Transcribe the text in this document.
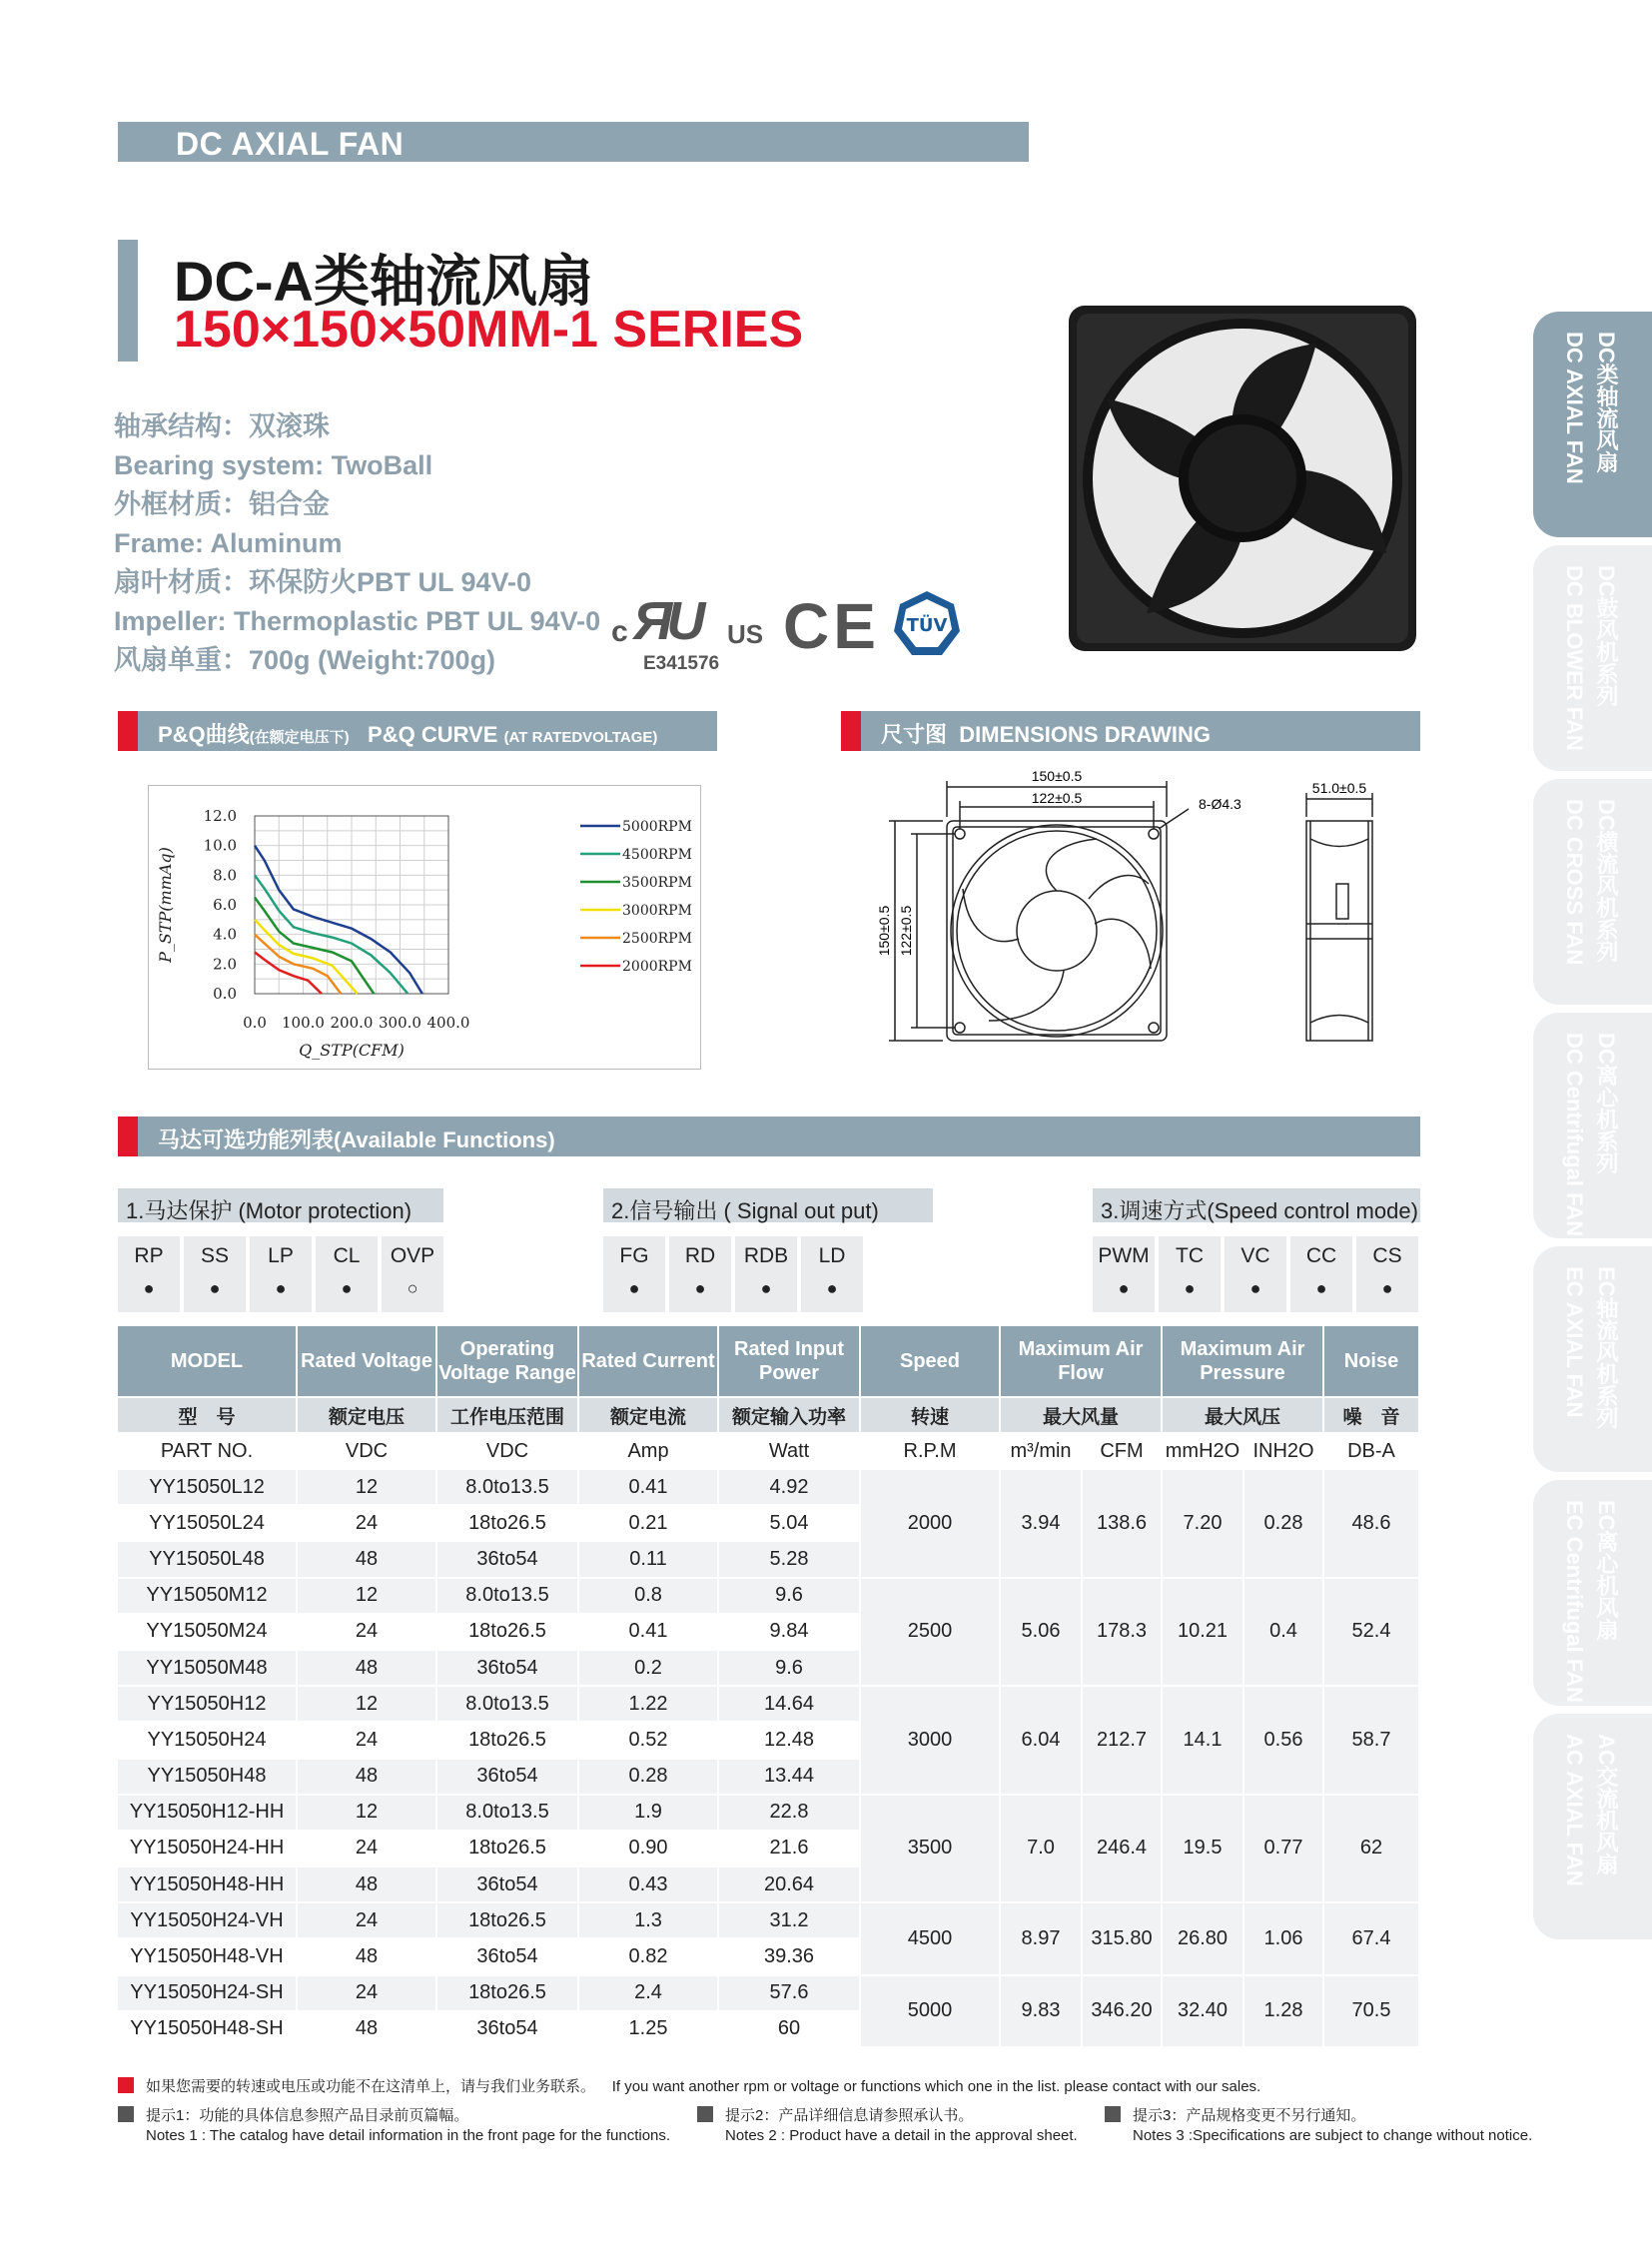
DC AXIAL FAN
DC-A类轴流风扇
150×150×50MM-1 SERIES
轴承结构：双滚珠
Bearing system: TwoBall
外框材质：铝合金
Frame: Aluminum
扇叶材质：环保防火PBT UL 94V-0
Impeller: Thermoplastic PBT UL 94V-0
风扇单重：700g (Weight:700g)
c ЯU	US
E341576
CE TÜV
DC类轴流风扇
DC AXIAL FAN
DC鼓风机系列
DC BLOWER FAN
DC横流风机系列
DC CROSS FAN
DC离心机系列
DC Centrifugal FAN
EC轴流风机系列
EC AXIAL FAN
EC离心机风扇
EC Centrifugal FAN
AC交流机风扇
AC AXIAL FAN
P&Q曲线(在额定电压下) P&Q CURVE (AT RATEDVOLTAGE)	尺寸图 DIMENSIONS DRAWING
0.0
2.0
4.0
6.0
8.0
10.0
12.0
0.0 100.0 200.0 300.0 400.0
Q_STP(CFM)
P_STP(mmAq)
5000RPM
4500RPM
3500RPM
3000RPM
2500RPM
2000RPM
150±0.5
122±0.5	8-Ø4.3
51.0±0.5
150±0.5 122±0.5
马达可选功能列表(Available Functions)
1.马达保护 (Motor protection)
RP
●
SS
●
LP
●
CL
●
OVP
○
2.信号输出 ( Signal out put)
FG
●
RD
●
RDB
●
LD
●
3.调速方式(Speed control mode)
PWM
●
TC
●
VC
●
CC
●
CS
●
MODEL	Rated Voltage	Operating Voltage Range	Rated Current	Rated Input Power	Speed	Maximum Air Flow		Maximum Air Pressure		Noise
型　号	额定电压	工作电压范围	额定电流	额定输入功率	转速	最大风量		最大风压		噪　音
PART NO.	VDC	VDC	Amp	Watt	R.P.M	m³/min	CFM	mmH2O	INH2O	DB-A
YY15050L12	12	8.0to13.5	0.41	4.92	2000	3.94	138.6	7.20	0.28	48.6
YY15050L24	24	18to26.5	0.21	5.04						
YY15050L48	48	36to54	0.11	5.28						
YY15050M12	12	8.0to13.5	0.8	9.6	2500	5.06	178.3	10.21	0.4	52.4
YY15050M24	24	18to26.5	0.41	9.84						
YY15050M48	48	36to54	0.2	9.6						
YY15050H12	12	8.0to13.5	1.22	14.64	3000	6.04	212.7	14.1	0.56	58.7
YY15050H24	24	18to26.5	0.52	12.48						
YY15050H48	48	36to54	0.28	13.44						
YY15050H12-HH	12	8.0to13.5	1.9	22.8	3500	7.0	246.4	19.5	0.77	62
YY15050H24-HH	24	18to26.5	0.90	21.6						
YY15050H48-HH	48	36to54	0.43	20.64						
YY15050H24-VH	24	18to26.5	1.3	31.2	4500	8.97	315.80	26.80	1.06	67.4
YY15050H48-VH	48	36to54	0.82	39.36						
YY15050H24-SH	24	18to26.5	2.4	57.6	5000	9.83	346.20	32.40	1.28	70.5
YY15050H48-SH	48	36to54	1.25	60						
如果您需要的转速或电压或功能不在这清单上，请与我们业务联系。 If you want another rpm or voltage or functions which one in the list. please contact with our sales.
提示1：功能的具体信息参照产品目录前页篇幅。
Notes 1 : The catalog have detail information in the front page for the functions.
提示2：产品详细信息请参照承认书。
Notes 2 : Product have a detail in the approval sheet.
提示3：产品规格变更不另行通知。
Notes 3 :Specifications are subject to change without notice.
